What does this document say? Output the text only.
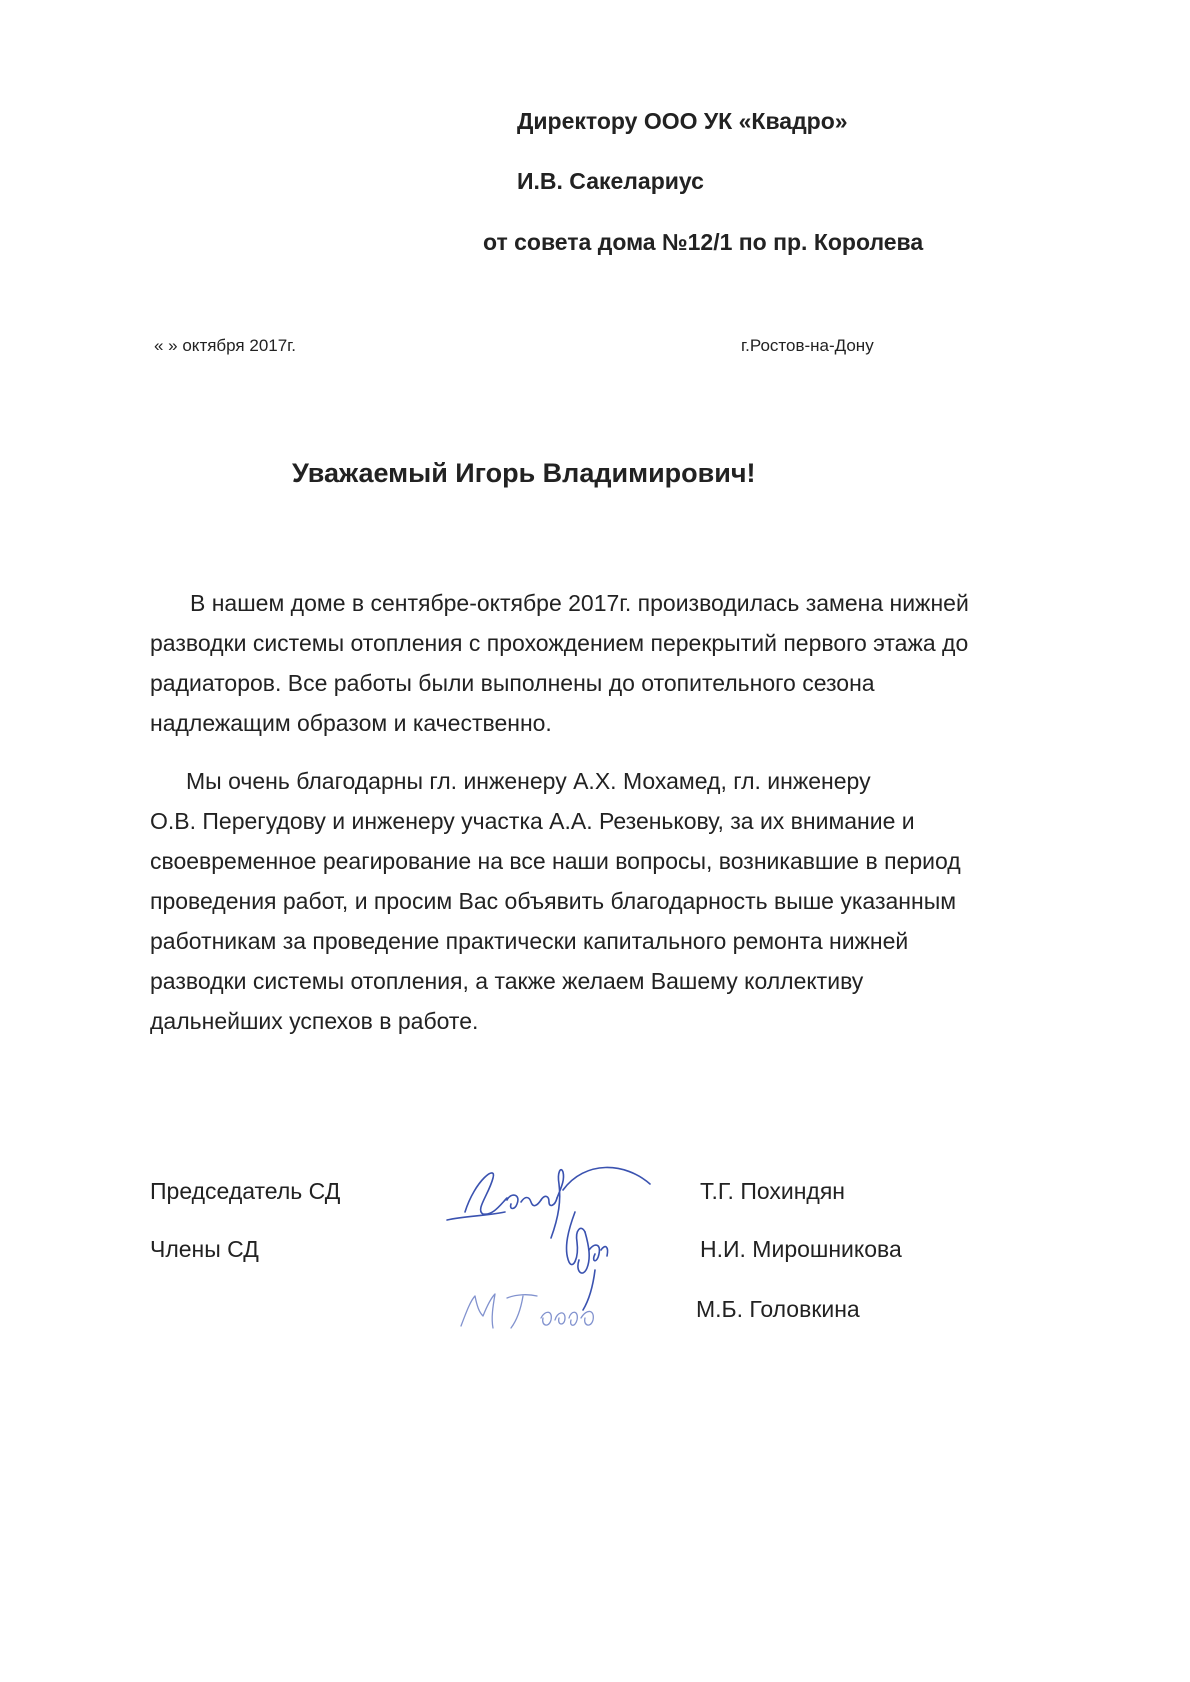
Директору ООО УК «Квадро»
И.В. Сакелариус
от совета дома №12/1 по пр. Королева
« » октября 2017г.	г.Ростов-на-Дону
Уважаемый Игорь Владимирович!
В нашем доме в сентябре-октябре 2017г. производилась замена нижней
разводки системы отопления с прохождением перекрытий первого этажа до
радиаторов. Все работы были выполнены до отопительного сезона
надлежащим образом и качественно.
Мы очень благодарны гл. инженеру А.Х. Мохамед, гл. инженеру
О.В. Перегудову и инженеру участка А.А. Резенькову, за их внимание и
своевременное реагирование на все наши вопросы, возникавшие в период
проведения работ, и просим Вас объявить благодарность выше указанным
работникам за проведение практически капитального ремонта нижней
разводки системы отопления, а также желаем Вашему коллективу
дальнейших успехов в работе.
Председатель СД
Члены СД
Т.Г. Похиндян
Н.И. Мирошникова
М.Б. Головкина
